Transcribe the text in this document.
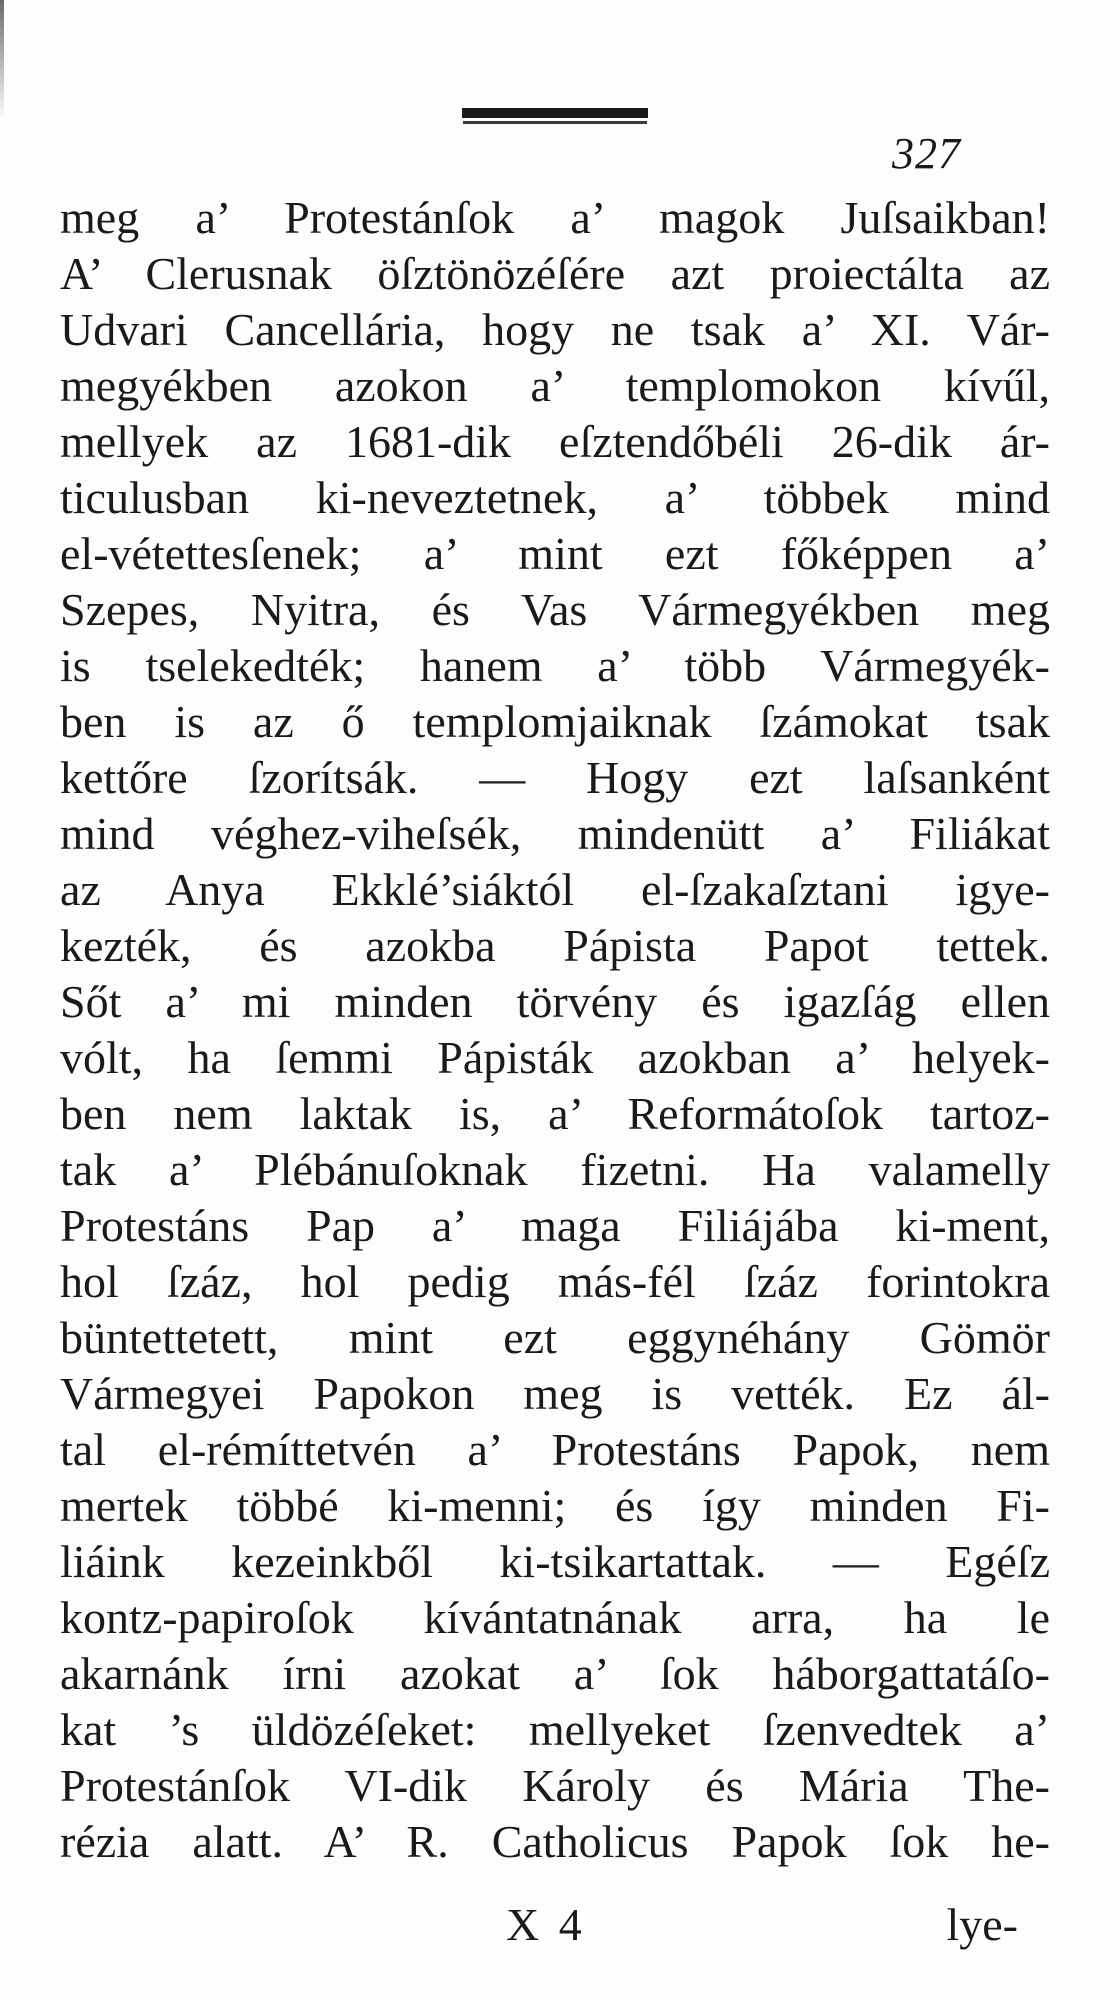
327
meg a’ Protestánſok a’ magok Juſsaikban!
A’ Clerusnak öſztönözéſére azt proiectálta az
Udvari Cancellária, hogy ne tsak a’ XI. Vár-
megyékben azokon a’ templomokon kívűl,
mellyek az 1681-dik eſztendőbéli 26-dik ár-
ticulusban ki-neveztetnek, a’ többek mind
el-vétettesſenek; a’ mint ezt főképpen a’
Szepes, Nyitra, és Vas Vármegyékben meg
is tselekedték; hanem a’ több Vármegyék-
ben is az ő templomjaiknak ſzámokat tsak
kettőre ſzorítsák. — Hogy ezt laſsanként
mind véghez-viheſsék, mindenütt a’ Filiákat
az Anya Ekklé’siáktól el-ſzakaſztani igye-
kezték, és azokba Pápista Papot tettek.
Sőt a’ mi minden törvény és igazſág ellen
vólt, ha ſemmi Pápisták azokban a’ helyek-
ben nem laktak is, a’ Reformátoſok tartoz-
tak a’ Plébánuſoknak fizetni. Ha valamelly
Protestáns Pap a’ maga Filiájába ki-ment,
hol ſzáz, hol pedig más-fél ſzáz forintokra
büntettetett, mint ezt eggynéhány Gömör
Vármegyei Papokon meg is vették. Ez ál-
tal el-rémíttetvén a’ Protestáns Papok, nem
mertek többé ki-menni; és így minden Fi-
liáink kezeinkből ki-tsikartattak. — Egéſz
kontz-papiroſok kívántatnának arra, ha le
akarnánk írni azokat a’ ſok háborgattatáſo-
kat ’s üldözéſeket: mellyeket ſzenvedtek a’
Protestánſok VI-dik Károly és Mária The-
rézia alatt. A’ R. Catholicus Papok ſok he-
X 4	lye-
